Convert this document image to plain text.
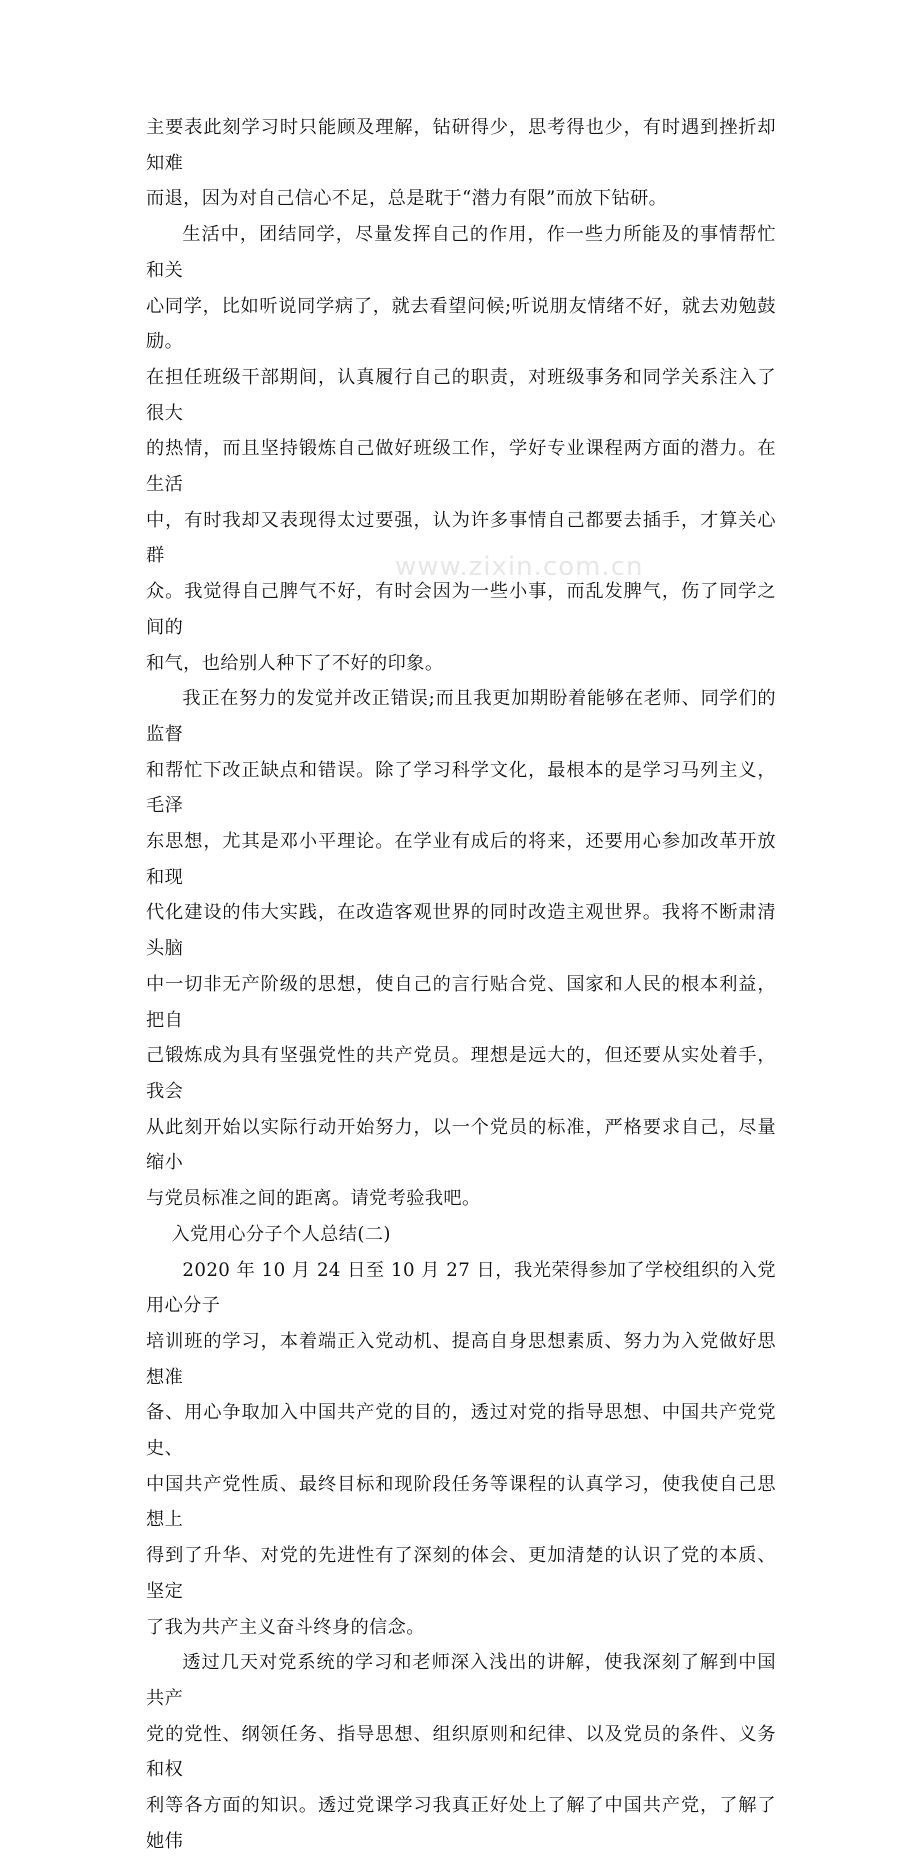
主要表此刻学习时只能顾及理解，钻研得少，思考得也少，有时遇到挫折却知难
而退，因为对自己信心不足，总是耽于“潜力有限”而放下钻研。

生活中，团结同学，尽量发挥自己的作用，作一些力所能及的事情帮忙和关
心同学，比如听说同学病了，就去看望问候;听说朋友情绪不好，就去劝勉鼓励。
在担任班级干部期间，认真履行自己的职责，对班级事务和同学关系注入了很大
的热情，而且坚持锻炼自己做好班级工作，学好专业课程两方面的潜力。在生活
中，有时我却又表现得太过要强，认为许多事情自己都要去插手，才算关心群
众。我觉得自己脾气不好，有时会因为一些小事，而乱发脾气，伤了同学之间的
和气，也给别人种下了不好的印象。

我正在努力的发觉并改正错误;而且我更加期盼着能够在老师、同学们的监督
和帮忙下改正缺点和错误。除了学习科学文化，最根本的是学习马列主义，毛泽
东思想，尤其是邓小平理论。在学业有成后的将来，还要用心参加改革开放和现
代化建设的伟大实践，在改造客观世界的同时改造主观世界。我将不断肃清头脑
中一切非无产阶级的思想，使自己的言行贴合党、国家和人民的根本利益，把自
己锻炼成为具有坚强党性的共产党员。理想是远大的，但还要从实处着手，我会
从此刻开始以实际行动开始努力，以一个党员的标准，严格要求自己，尽量缩小
与党员标准之间的距离。请党考验我吧。

入党用心分子个人总结(二)

2020 年 10 月 24 日至 10 月 27 日，我光荣得参加了学校组织的入党用心分子
培训班的学习，本着端正入党动机、提高自身思想素质、努力为入党做好思想准
备、用心争取加入中国共产党的目的，透过对党的指导思想、中国共产党党史、
中国共产党性质、最终目标和现阶段任务等课程的认真学习，使我使自己思想上
得到了升华、对党的先进性有了深刻的体会、更加清楚的认识了党的本质、坚定
了我为共产主义奋斗终身的信念。

透过几天对党系统的学习和老师深入浅出的讲解，使我深刻了解到中国共产
党的党性、纲领任务、指导思想、组织原则和纪律、以及党员的条件、义务和权
利等各方面的知识。透过党课学习我真正好处上了解了中国共产党，了解了她伟

www.zixin.com.cn
